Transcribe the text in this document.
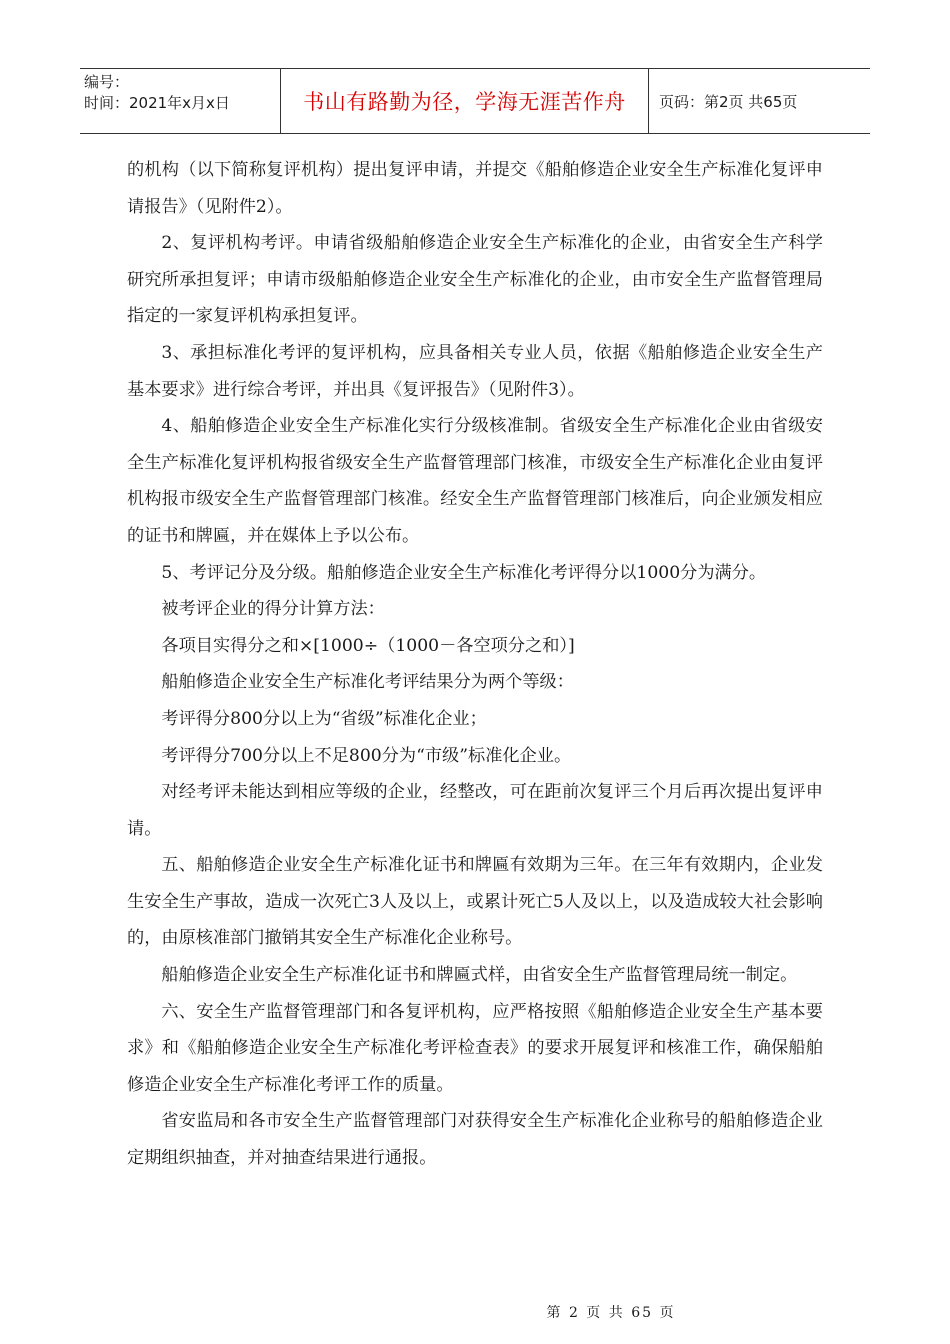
编号：
时间：2021年x月x日	书山有路勤为径，学海无涯苦作舟	页码：第2页 共65页

的机构（以下简称复评机构）提出复评申请，并提交《船舶修造企业安全生产标准化复评申请报告》（见附件2）。

2、复评机构考评。申请省级船舶修造企业安全生产标准化的企业，由省安全生产科学研究所承担复评；申请市级船舶修造企业安全生产标准化的企业，由市安全生产监督管理局指定的一家复评机构承担复评。

3、承担标准化考评的复评机构，应具备相关专业人员，依据《船舶修造企业安全生产基本要求》进行综合考评，并出具《复评报告》（见附件3）。

4、船舶修造企业安全生产标准化实行分级核准制。省级安全生产标准化企业由省级安全生产标准化复评机构报省级安全生产监督管理部门核准，市级安全生产标准化企业由复评机构报市级安全生产监督管理部门核准。经安全生产监督管理部门核准后，向企业颁发相应的证书和牌匾，并在媒体上予以公布。

5、考评记分及分级。船舶修造企业安全生产标准化考评得分以1000分为满分。

被考评企业的得分计算方法：

各项目实得分之和×[1000÷（1000－各空项分之和）]

船舶修造企业安全生产标准化考评结果分为两个等级：

考评得分800分以上为“省级”标准化企业；

考评得分700分以上不足800分为“市级”标准化企业。

对经考评未能达到相应等级的企业，经整改，可在距前次复评三个月后再次提出复评申请。

五、船舶修造企业安全生产标准化证书和牌匾有效期为三年。在三年有效期内，企业发生安全生产事故，造成一次死亡3人及以上，或累计死亡5人及以上，以及造成较大社会影响的，由原核准部门撤销其安全生产标准化企业称号。

船舶修造企业安全生产标准化证书和牌匾式样，由省安全生产监督管理局统一制定。

六、安全生产监督管理部门和各复评机构，应严格按照《船舶修造企业安全生产基本要求》和《船舶修造企业安全生产标准化考评检查表》的要求开展复评和核准工作，确保船舶修造企业安全生产标准化考评工作的质量。

省安监局和各市安全生产监督管理部门对获得安全生产标准化企业称号的船舶修造企业定期组织抽查，并对抽查结果进行通报。

第 2 页 共 65 页
